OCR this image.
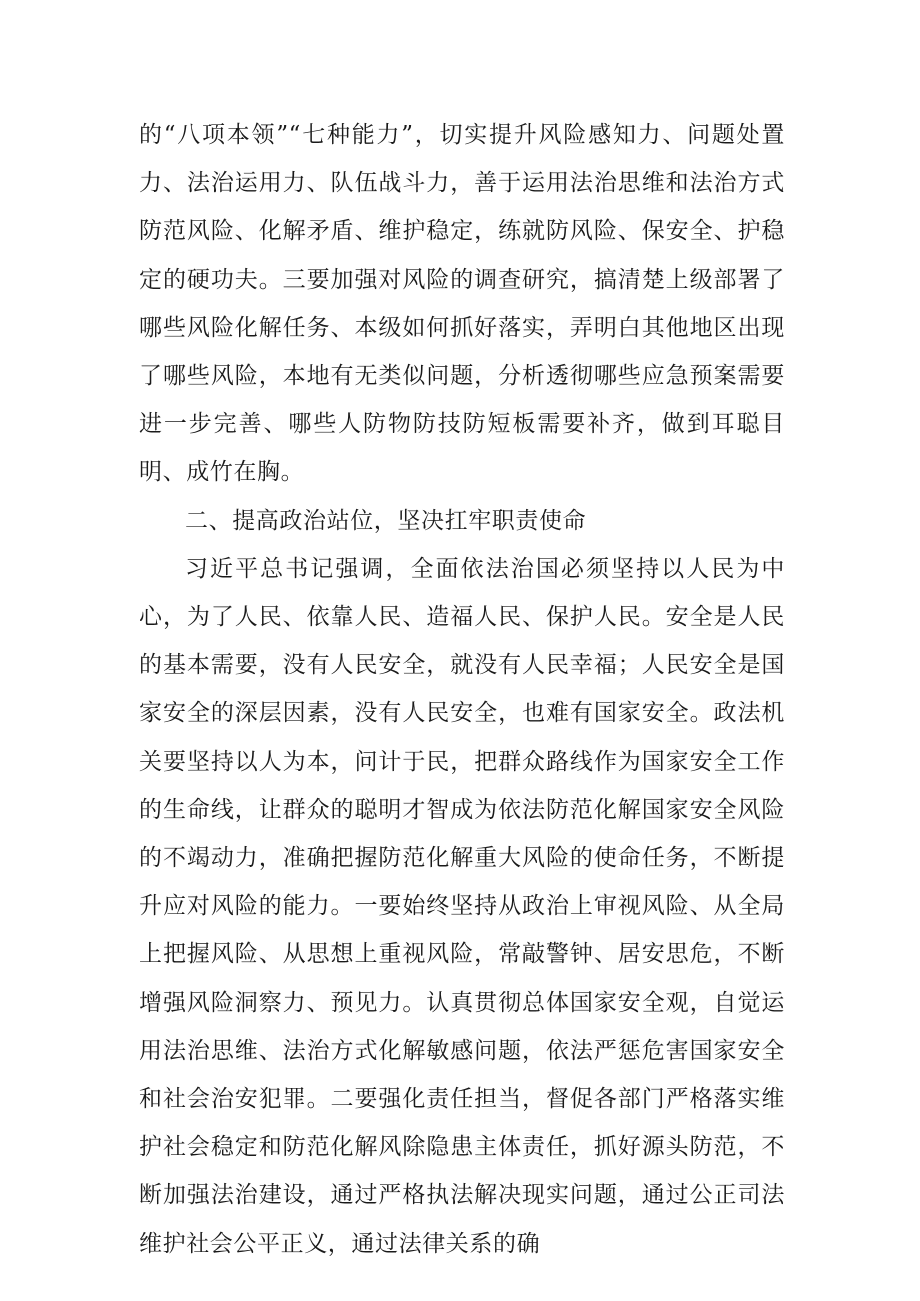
的“八项本领”“七种能力”，切实提升风险感知力、问题处置力、法治运用力、队伍战斗力，善于运用法治思维和法治方式防范风险、化解矛盾、维护稳定，练就防风险、保安全、护稳定的硬功夫。三要加强对风险的调查研究，搞清楚上级部署了哪些风险化解任务、本级如何抓好落实，弄明白其他地区出现了哪些风险，本地有无类似问题，分析透彻哪些应急预案需要进一步完善、哪些人防物防技防短板需要补齐，做到耳聪目明、成竹在胸。

二、提高政治站位，坚决扛牢职责使命

习近平总书记强调，全面依法治国必须坚持以人民为中心，为了人民、依靠人民、造福人民、保护人民。安全是人民的基本需要，没有人民安全，就没有人民幸福；人民安全是国家安全的深层因素，没有人民安全，也难有国家安全。政法机关要坚持以人为本，问计于民，把群众路线作为国家安全工作的生命线，让群众的聪明才智成为依法防范化解国家安全风险的不竭动力，准确把握防范化解重大风险的使命任务，不断提升应对风险的能力。一要始终坚持从政治上审视风险、从全局上把握风险、从思想上重视风险，常敲警钟、居安思危，不断增强风险洞察力、预见力。认真贯彻总体国家安全观，自觉运用法治思维、法治方式化解敏感问题，依法严惩危害国家安全和社会治安犯罪。二要强化责任担当，督促各部门严格落实维护社会稳定和防范化解风除隐患主体责任，抓好源头防范，不断加强法治建设，通过严格执法解决现实问题，通过公正司法维护社会公平正义，通过法律关系的确
